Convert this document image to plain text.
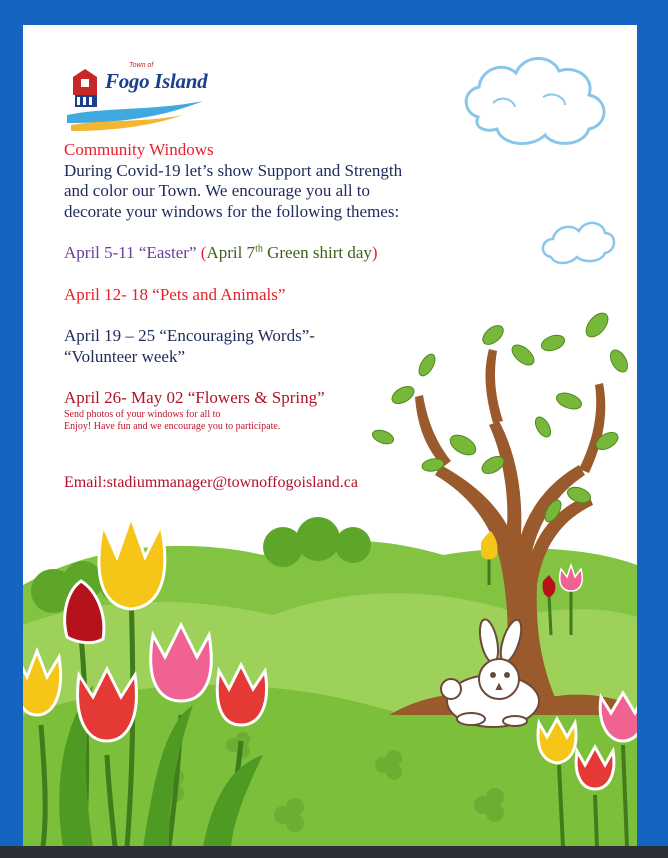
Town of
Fogo Island

Community Windows

During Covid-19 let’s show Support and Strength and color our Town. We encourage you all to decorate your windows for the following themes:

April 5-11 “Easter” (April 7th Green shirt day)

April 12- 18 “Pets and Animals”

April 19 – 25 “Encouraging Words”-

“Volunteer week”

April 26- May 02 “Flowers & Spring”

Send photos of your windows for all to

Enjoy! Have fun and we encourage you to participate.

Email:stadiummanager@townoffogoisland.ca
